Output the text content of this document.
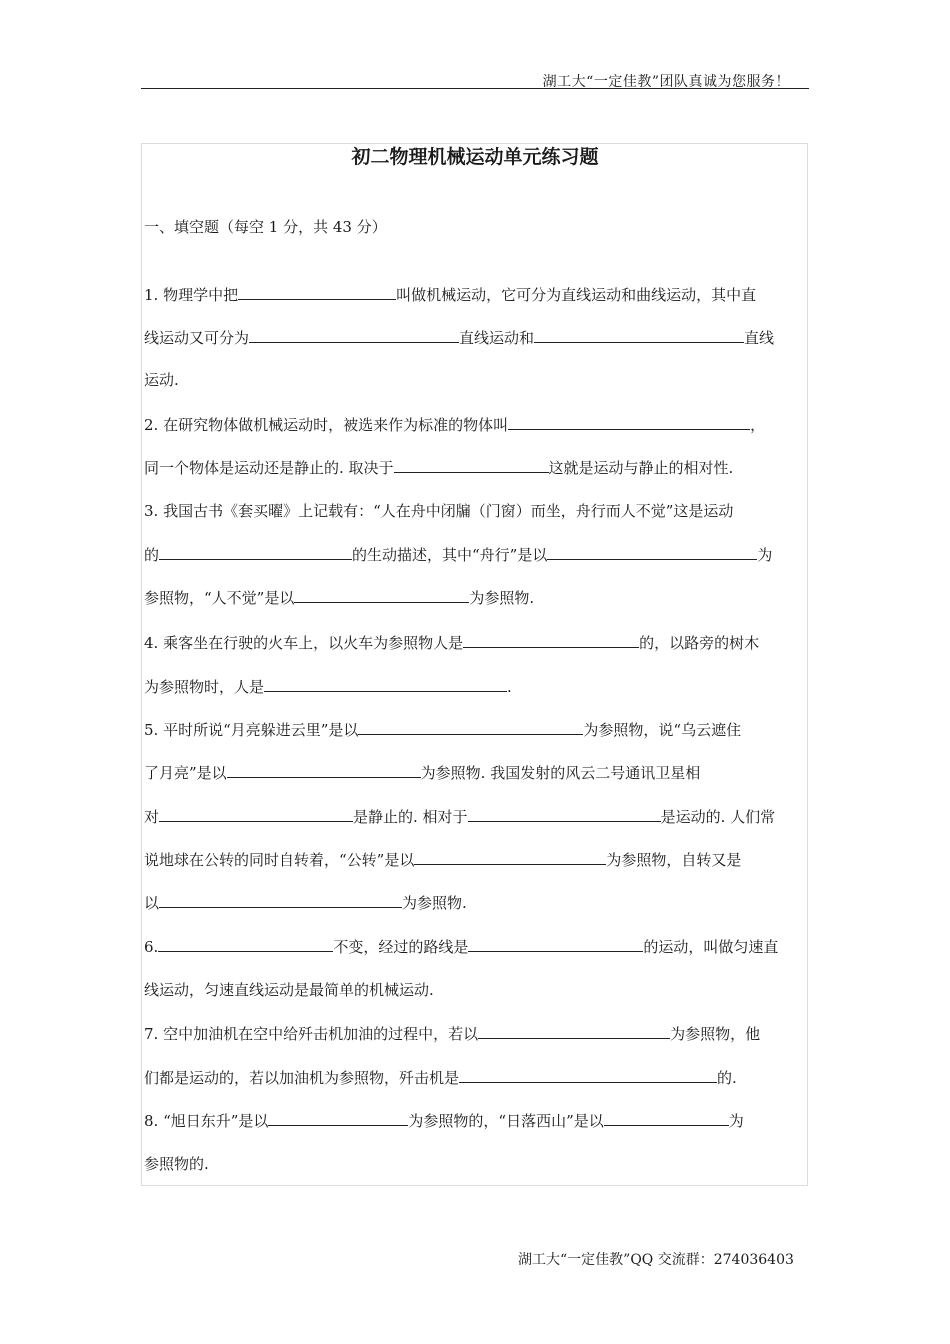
湖工大“一定佳教”团队真诚为您服务！
初二物理机械运动单元练习题
一、填空题（每空 1 分，共 43 分）
1. 物理学中把	叫做机械运动，它可分为直线运动和曲线运动，其中直
线运动又可分为	直线运动和	直线
运动.
2. 在研究物体做机械运动时，被选来作为标准的物体叫	，
同一个物体是运动还是静止的. 取决于	这就是运动与静止的相对性.
3. 我国古书《套买曜》上记载有：“人在舟中闭牖（门窗）而坐，舟行而人不觉”这是运动
的	的生动描述，其中“舟行”是以	为
参照物，“人不觉”是以	为参照物.
4. 乘客坐在行驶的火车上，以火车为参照物人是	的，以路旁的树木
为参照物时，人是	.
5. 平时所说“月亮躲进云里”是以	为参照物，说“乌云遮住
了月亮”是以	为参照物. 我国发射的风云二号通讯卫星相
对	是静止的. 相对于	是运动的. 人们常
说地球在公转的同时自转着，“公转”是以	为参照物，自转又是
以	为参照物.
6.	不变，经过的路线是	的运动，叫做匀速直
线运动，匀速直线运动是最简单的机械运动.
7. 空中加油机在空中给歼击机加油的过程中，若以	为参照物，他
们都是运动的，若以加油机为参照物，歼击机是	的.
8. “旭日东升”是以	为参照物的，“日落西山”是以	为
参照物的.
湖工大“一定佳教”QQ 交流群：274036403
